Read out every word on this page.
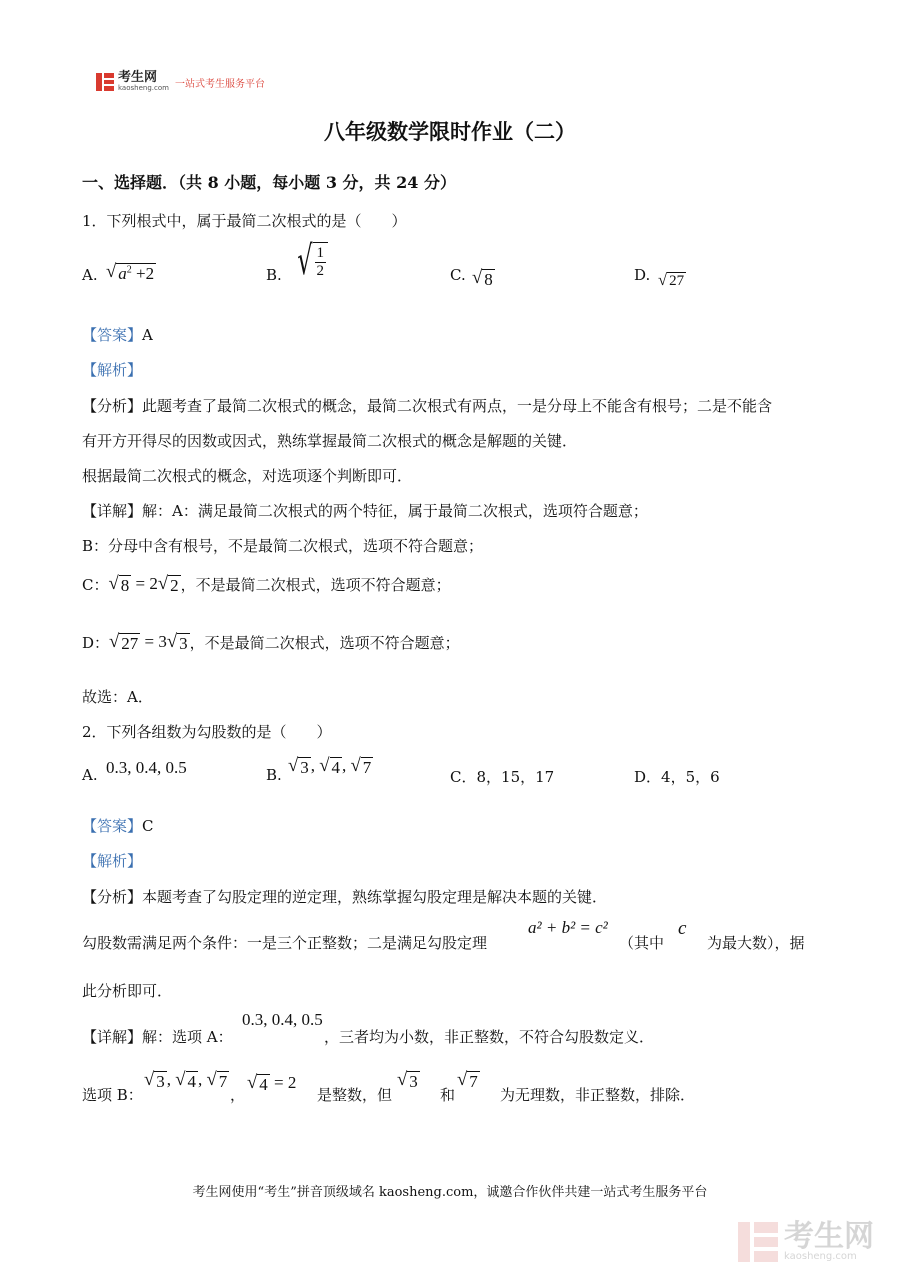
考生网
kaosheng.com 一站式考生服务平台
八年级数学限时作业（二）
一、选择题．（共 8 小题，每小题 3 分，共 24 分）
1．下列根式中，属于最简二次根式的是（　　）
A. √ $a^2 +2$	B. √ $\frac{1}{2}$	C. √ 8	D. √ 27
【答案】A
【解析】
【分析】此题考查了最简二次根式的概念，最简二次根式有两点，一是分母上不能含有根号；二是不能含
有开方开得尽的因数或因式，熟练掌握最简二次根式的概念是解题的关键．
根据最简二次根式的概念，对选项逐个判断即可．
【详解】解：A：满足最简二次根式的两个特征，属于最简二次根式，选项符合题意；
B：分母中含有根号，不是最简二次根式，选项不符合题意；
C： √ 8 = 2 √ 2 ，不是最简二次根式，选项不符合题意；
D： √ 27 = 3 √ 3 ，不是最简二次根式，选项不符合题意；
故选：A．
2．下列各组数为勾股数的是（　　）
A. 0.3, 0.4, 0.5	B. √ 3 , √ 4 , √ 7
C．8，15，17	D．4，5，6
【答案】C
【解析】
【分析】本题考查了勾股定理的逆定理，熟练掌握勾股定理是解决本题的关键．
勾股数需满足两个条件：一是三个正整数；二是满足勾股定理
a² + b² = c²
（其中
c
为最大数），据
此分析即可．
【详解】解：选项 A：
0.3, 0.4, 0.5
，三者均为小数，非正整数，不符合勾股数定义．
选项 B：
√ 3 , √ 4 , √ 7
，
√ 4 = 2
是整数，但
√ 3
和
√ 7
为无理数，非正整数，排除．
考生网使用“考生”拼音顶级域名 kaosheng.com，诚邀合作伙伴共建一站式考生服务平台
考生网
kaosheng.com
